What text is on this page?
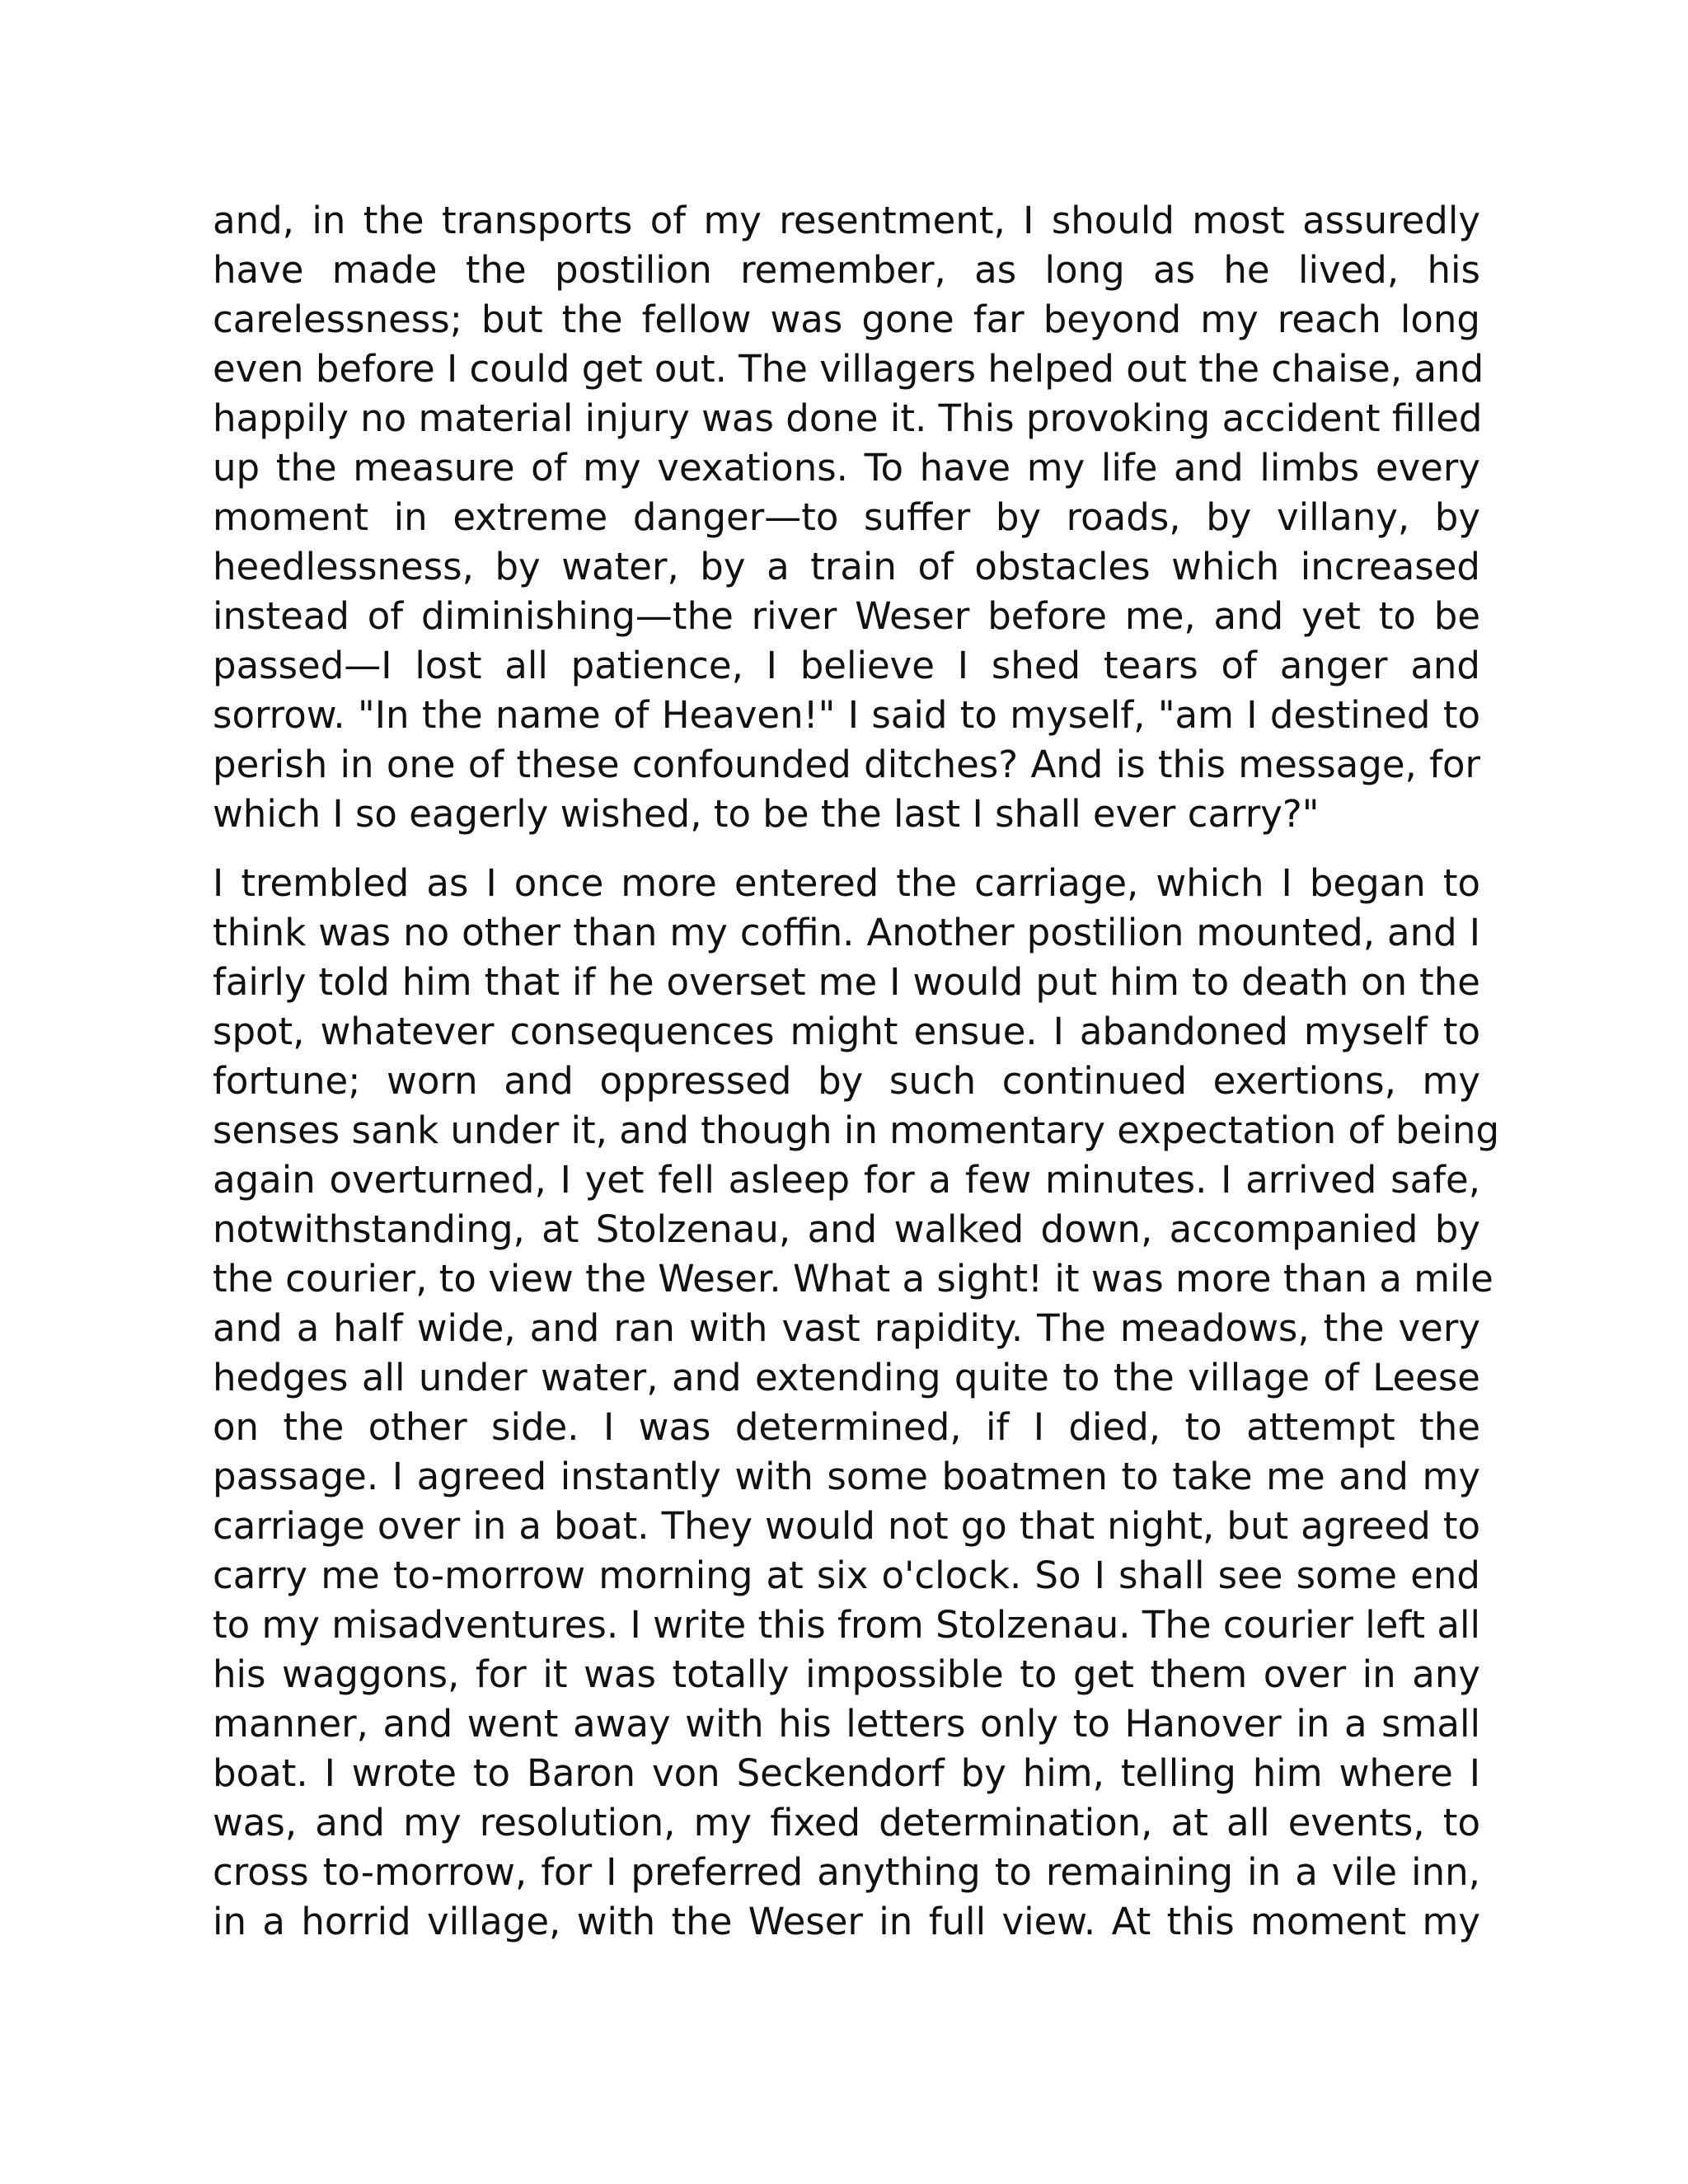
and, in the transports of my resentment, I should most assuredly
have made the postilion remember, as long as he lived, his
carelessness; but the fellow was gone far beyond my reach long
even before I could get out. The villagers helped out the chaise, and
happily no material injury was done it. This provoking accident filled
up the measure of my vexations. To have my life and limbs every
moment in extreme danger—to suffer by roads, by villany, by
heedlessness, by water, by a train of obstacles which increased
instead of diminishing—the river Weser before me, and yet to be
passed—I lost all patience, I believe I shed tears of anger and
sorrow. "In the name of Heaven!" I said to myself, "am I destined to
perish in one of these confounded ditches? And is this message, for
which I so eagerly wished, to be the last I shall ever carry?"
I trembled as I once more entered the carriage, which I began to
think was no other than my coffin. Another postilion mounted, and I
fairly told him that if he overset me I would put him to death on the
spot, whatever consequences might ensue. I abandoned myself to
fortune; worn and oppressed by such continued exertions, my
senses sank under it, and though in momentary expectation of being
again overturned, I yet fell asleep for a few minutes. I arrived safe,
notwithstanding, at Stolzenau, and walked down, accompanied by
the courier, to view the Weser. What a sight! it was more than a mile
and a half wide, and ran with vast rapidity. The meadows, the very
hedges all under water, and extending quite to the village of Leese
on the other side. I was determined, if I died, to attempt the
passage. I agreed instantly with some boatmen to take me and my
carriage over in a boat. They would not go that night, but agreed to
carry me to-morrow morning at six o'clock. So I shall see some end
to my misadventures. I write this from Stolzenau. The courier left all
his waggons, for it was totally impossible to get them over in any
manner, and went away with his letters only to Hanover in a small
boat. I wrote to Baron von Seckendorf by him, telling him where I
was, and my resolution, my fixed determination, at all events, to
cross to-morrow, for I preferred anything to remaining in a vile inn,
in a horrid village, with the Weser in full view. At this moment my
